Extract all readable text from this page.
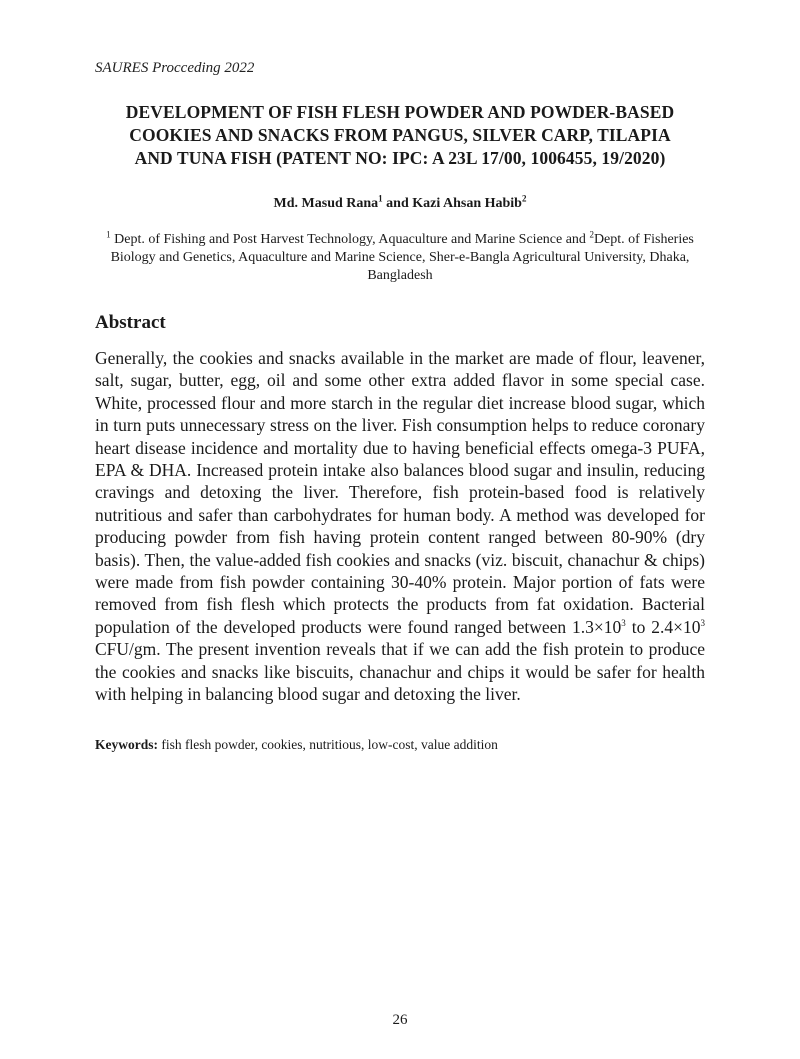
SAURES Procceding 2022
DEVELOPMENT OF FISH FLESH POWDER AND POWDER-BASED
COOKIES AND SNACKS FROM PANGUS, SILVER CARP, TILAPIA
AND TUNA FISH (PATENT NO: IPC: A 23L 17/00, 1006455, 19/2020)
Md. Masud Rana$^1$ and Kazi Ahsan Habib$^2$
$^1$ Dept. of Fishing and Post Harvest Technology, Aquaculture and Marine Science and $^2$Dept. of Fisheries Biology and Genetics, Aquaculture and Marine Science, Sher-e-Bangla Agricultural University, Dhaka, Bangladesh
Abstract
Generally, the cookies and snacks available in the market are made of flour, leavener, salt, sugar, butter, egg, oil and some other extra added flavor in some special case. White, processed flour and more starch in the regular diet increase blood sugar, which in turn puts unnecessary stress on the liver. Fish consumption helps to reduce coronary heart disease incidence and mortality due to having beneficial effects omega-3 PUFA, EPA & DHA. Increased protein intake also balances blood sugar and insulin, reducing cravings and detoxing the liver. Therefore, fish protein-based food is relatively nutritious and safer than carbohydrates for human body. A method was developed for producing powder from fish having protein content ranged between 80-90% (dry basis). Then, the value-added fish cookies and snacks (viz. biscuit, chanachur & chips) were made from fish powder containing 30-40% protein. Major portion of fats were removed from fish flesh which protects the products from fat oxidation. Bacterial population of the developed products were found ranged between $1.3\times 10^3$ to $2.4\times 10^3$ CFU/gm. The present invention reveals that if we can add the fish protein to produce the cookies and snacks like biscuits, chanachur and chips it would be safer for health with helping in balancing blood sugar and detoxing the liver.
Keywords: fish flesh powder, cookies, nutritious, low-cost, value addition
26
